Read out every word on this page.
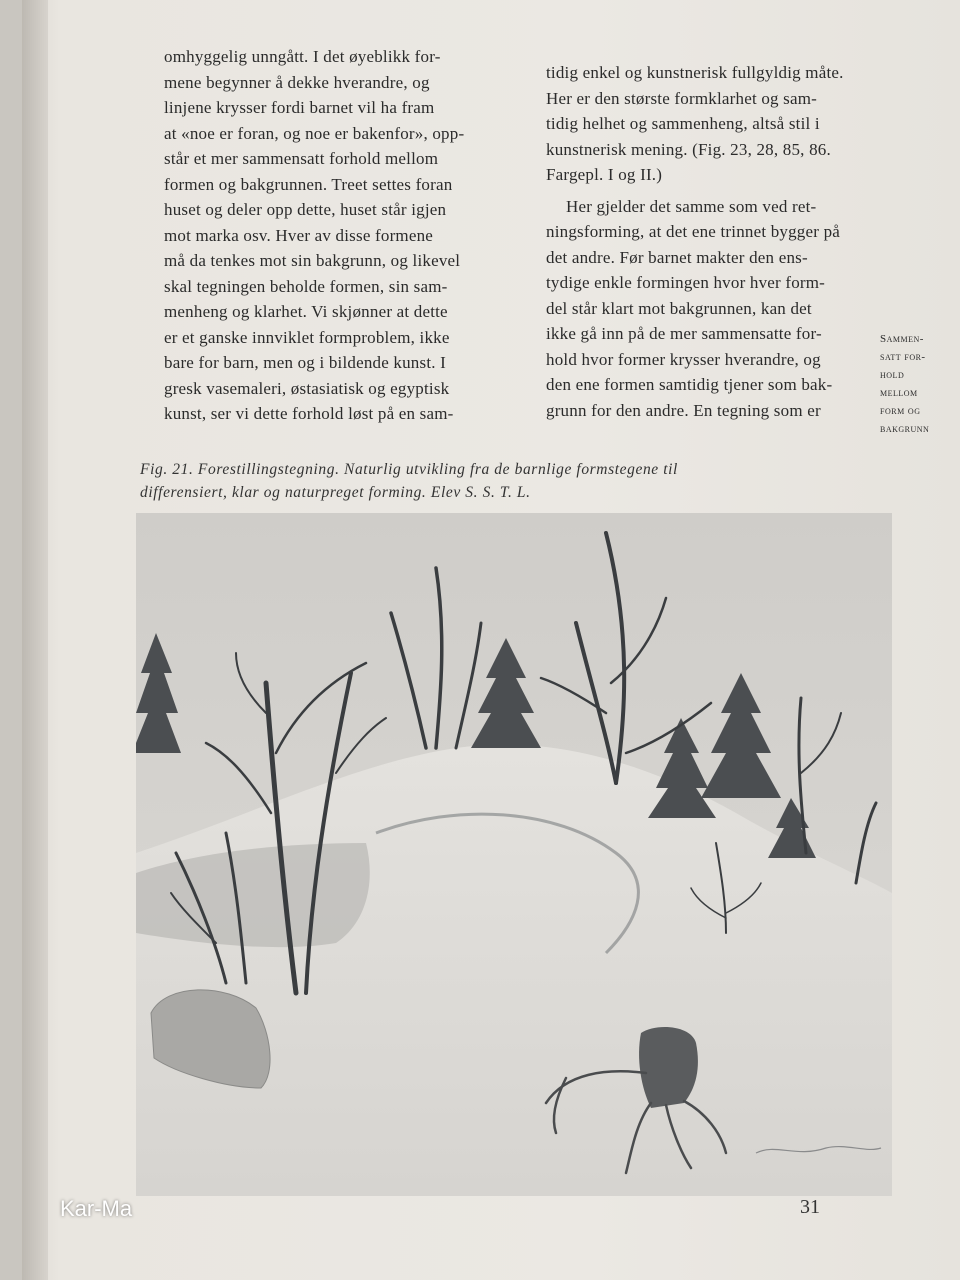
omhyggelig unngått. I det øyeblikk for-
mene begynner å dekke hverandre, og
linjene krysser fordi barnet vil ha fram
at «noe er foran, og noe er bakenfor», opp-
står et mer sammensatt forhold mellom
formen og bakgrunnen. Treet settes foran
huset og deler opp dette, huset står igjen
mot marka osv. Hver av disse formene
må da tenkes mot sin bakgrunn, og likevel
skal tegningen beholde formen, sin sam-
menheng og klarhet. Vi skjønner at dette
er et ganske innviklet formproblem, ikke
bare for barn, men og i bildende kunst. I
gresk vasemaleri, østasiatisk og egyptisk
kunst, ser vi dette forhold løst på en sam-
tidig enkel og kunstnerisk fullgyldig måte.
Her er den største formklarhet og sam-
tidig helhet og sammenheng, altså stil i
kunstnerisk mening. (Fig. 23, 28, 85, 86.
Fargepl. I og II.)
Her gjelder det samme som ved ret-
ningsforming, at det ene trinnet bygger på
det andre. Før barnet makter den ens-
tydige enkle formingen hvor hver form-
del står klart mot bakgrunnen, kan det
ikke gå inn på de mer sammensatte for-
hold hvor former krysser hverandre, og
den ene formen samtidig tjener som bak-
grunn for den andre. En tegning som er
Sammen-
satt for-
hold
mellom
form og
bakgrunn
Fig. 21. Forestillingstegning. Naturlig utvikling fra de barnlige formstegene til
differensiert, klar og naturpreget forming. Elev S. S. T. L.
31
Kar-Ma
